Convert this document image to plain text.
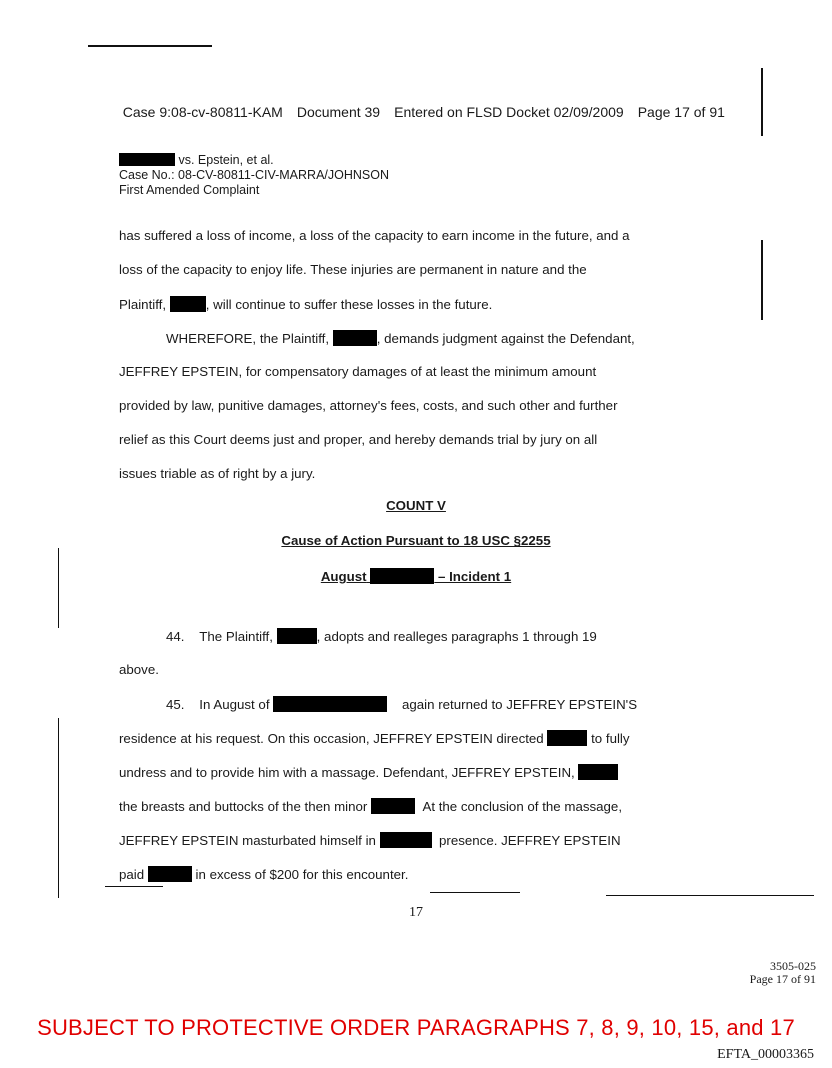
Case 9:08-cv-80811-KAM Document 39 Entered on FLSD Docket 02/09/2009 Page 17 of 91

vs. Epstein, et al.
Case No.: 08-CV-80811-CIV-MARRA/JOHNSON
First Amended Complaint
has suffered a loss of income, a loss of the capacity to earn income in the future, and a
loss of the capacity to enjoy life. These injuries are permanent in nature and the
Plaintiff,	, will continue to suffer these losses in the future.
WHEREFORE, the Plaintiff,	, demands judgment against the Defendant,
JEFFREY EPSTEIN, for compensatory damages of at least the minimum amount
provided by law, punitive damages, attorney's fees, costs, and such other and further
relief as this Court deems just and proper, and hereby demands trial by jury on all
issues triable as of right by a jury.
COUNT V
Cause of Action Pursuant to 18 USC §2255
August	– Incident 1
44. The Plaintiff,	, adopts and realleges paragraphs 1 through 19
above.
45. In August of	again returned to JEFFREY EPSTEIN'S
residence at his request. On this occasion, JEFFREY EPSTEIN directed	to fully
undress and to provide him with a massage. Defendant, JEFFREY EPSTEIN,
the breasts and buttocks of the then minor	At the conclusion of the massage,
JEFFREY EPSTEIN masturbated himself in	presence. JEFFREY EPSTEIN
paid	in excess of $200 for this encounter.
17
3505-025
Page 17 of 91
SUBJECT TO PROTECTIVE ORDER PARAGRAPHS 7, 8, 9, 10, 15, and 17
EFTA_00003365
